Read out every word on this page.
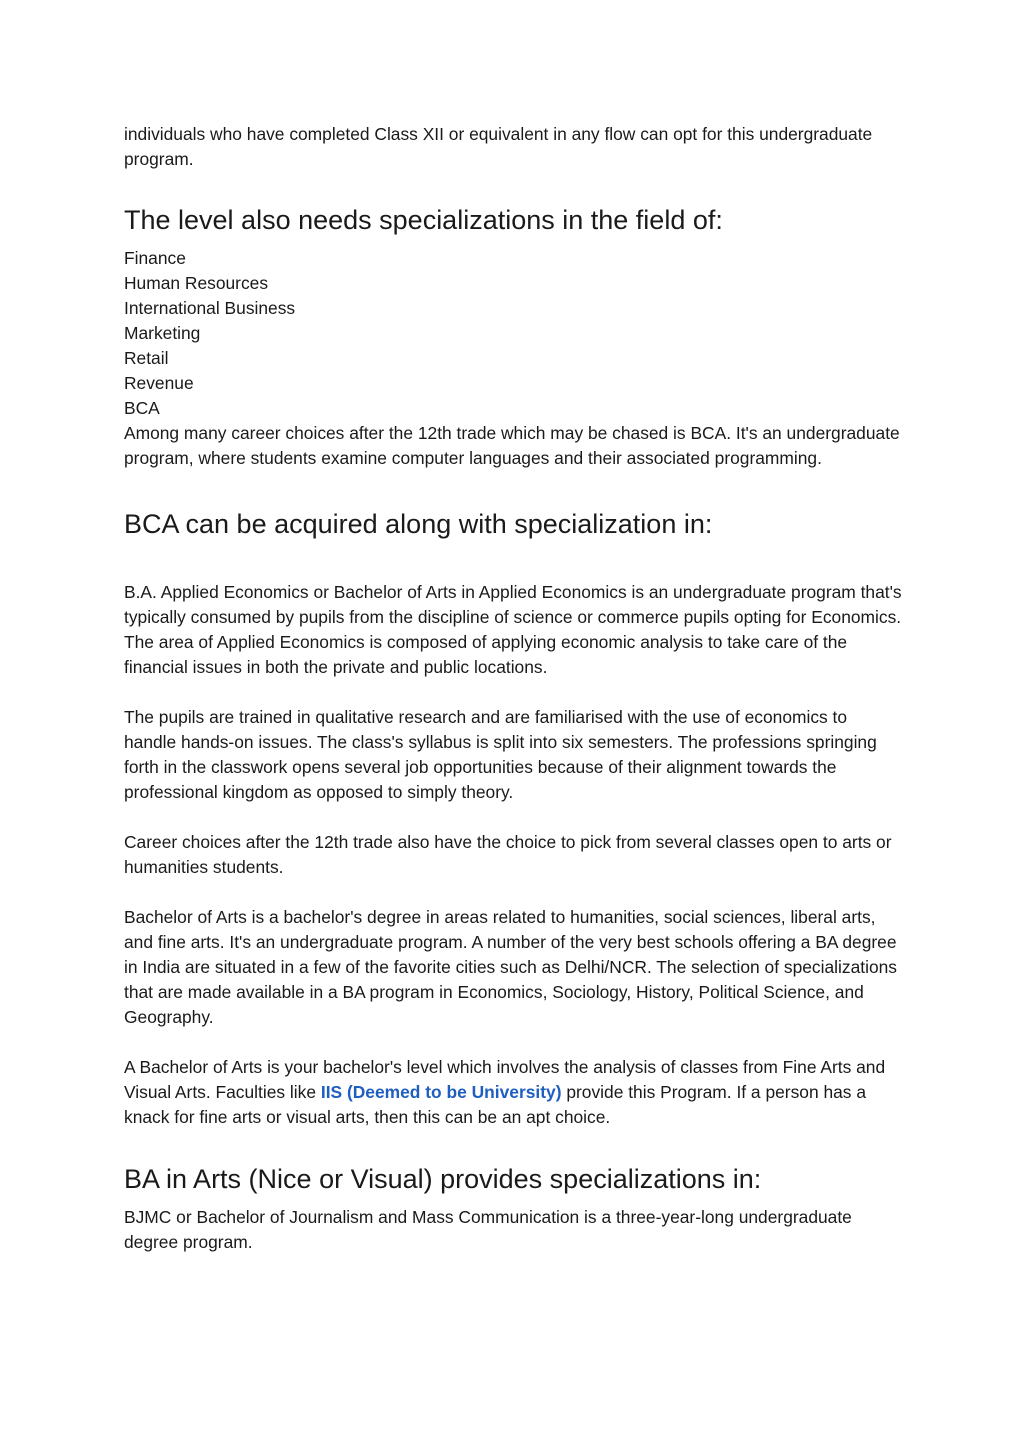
individuals who have completed Class XII or equivalent in any flow can opt for this undergraduate program.

The level also needs specializations in the field of:
Finance
Human Resources
International Business
Marketing
Retail
Revenue
BCA

Among many career choices after the 12th trade which may be chased is BCA. It's an undergraduate program, where students examine computer languages and their associated programming.

BCA can be acquired along with specialization in:

B.A. Applied Economics or Bachelor of Arts in Applied Economics is an undergraduate program that's typically consumed by pupils from the discipline of science or commerce pupils opting for Economics. The area of Applied Economics is composed of applying economic analysis to take care of the financial issues in both the private and public locations.

The pupils are trained in qualitative research and are familiarised with the use of economics to handle hands-on issues. The class's syllabus is split into six semesters. The professions springing forth in the classwork opens several job opportunities because of their alignment towards the professional kingdom as opposed to simply theory.

Career choices after the 12th trade also have the choice to pick from several classes open to arts or humanities students.

Bachelor of Arts is a bachelor's degree in areas related to humanities, social sciences, liberal arts, and fine arts. It's an undergraduate program. A number of the very best schools offering a BA degree in India are situated in a few of the favorite cities such as Delhi/NCR. The selection of specializations that are made available in a BA program in Economics, Sociology, History, Political Science, and Geography.

A Bachelor of Arts is your bachelor's level which involves the analysis of classes from Fine Arts and Visual Arts. Faculties like IIS (Deemed to be University) provide this Program. If a person has a knack for fine arts or visual arts, then this can be an apt choice.

BA in Arts (Nice or Visual) provides specializations in:

BJMC or Bachelor of Journalism and Mass Communication is a three-year-long undergraduate degree program.
